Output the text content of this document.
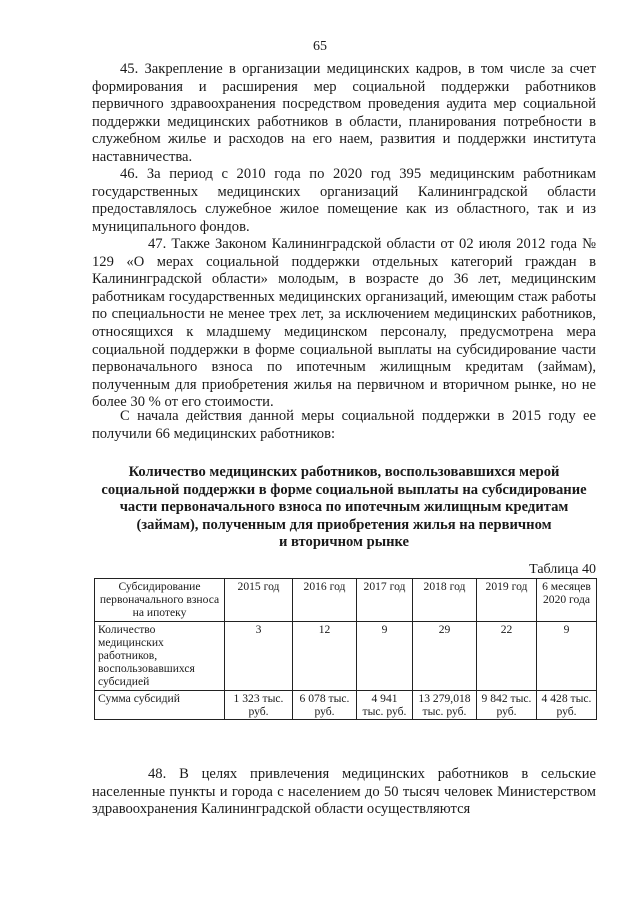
65

45. Закрепление в организации медицинских кадров, в том числе за счет формирования и расширения мер социальной поддержки работников первичного здравоохранения посредством проведения аудита мер социальной поддержки медицинских работников в области, планирования потребности в служебном жилье и расходов на его наем, развития и поддержки института наставничества.

46. За период с 2010 года по 2020 год 395 медицинским работникам государственных медицинских организаций Калининградской области предоставлялось служебное жилое помещение как из областного, так и из муниципального фондов.

47. Также Законом Калининградской области от 02 июля 2012 года № 129 «О мерах социальной поддержки отдельных категорий граждан в Калининградской области» молодым, в возрасте до 36 лет, медицинским работникам государственных медицинских организаций, имеющим стаж работы по специальности не менее трех лет, за исключением медицинских работников, относящихся к младшему медицинском персоналу, предусмотрена мера социальной поддержки в форме социальной выплаты на субсидирование части первоначального взноса по ипотечным жилищным кредитам (займам), полученным для приобретения жилья на первичном и вторичном рынке, но не более 30 % от его стоимости.

С начала действия данной меры социальной поддержки в 2015 году ее получили 66 медицинских работников:

Количество медицинских работников, воспользовавшихся мерой
социальной поддержки в форме социальной выплаты на субсидирование
части первоначального взноса по ипотечным жилищным кредитам
(займам), полученным для приобретения жилья на первичном
и вторичном рынке
Таблица 40
Субсидирование первоначального взноса на ипотеку	2015 год	2016 год	2017 год	2018 год	2019 год	6 месяцев 2020 года
Количество медицинских работников, воспользовавшихся субсидией	3	12	9	29	22	9
Сумма субсидий	1 323 тыс. руб.	6 078 тыс. руб.	4 941 тыс. руб.	13 279,018 тыс. руб.	9 842 тыс. руб.	4 428 тыс. руб.

48. В целях привлечения медицинских работников в сельские населенные пункты и города с населением до 50 тысяч человек Министерством здравоохранения Калининградской области осуществляются
